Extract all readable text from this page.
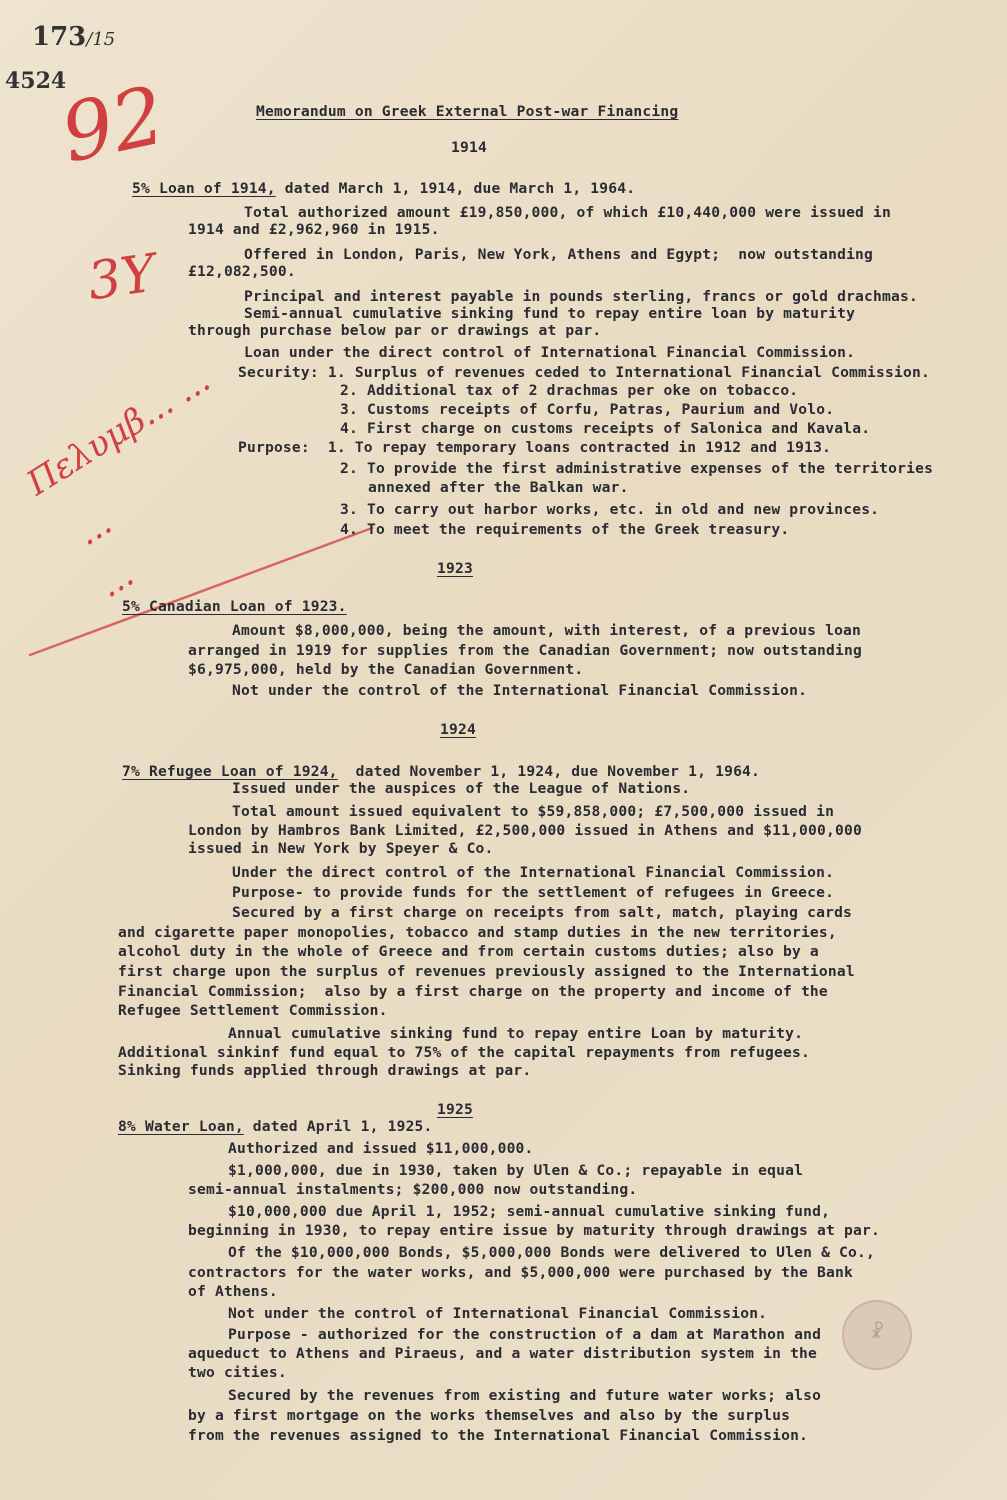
173/15
4524
92
3Y
Πελυμβ... ...
...
...
Memorandum on Greek External Post-war Financing
1914
5% Loan of 1914, dated March 1, 1914, due March 1, 1964.
Total authorized amount £19,850,000, of which £10,440,000 were issued in
1914 and £2,962,960 in 1915.
Offered in London, Paris, New York, Athens and Egypt;  now outstanding
£12,082,500.
Principal and interest payable in pounds sterling, francs or gold drachmas.
Semi-annual cumulative sinking fund to repay entire loan by maturity
through purchase below par or drawings at par.
Loan under the direct control of International Financial Commission.
Security: 1. Surplus of revenues ceded to International Financial Commission.
2. Additional tax of 2 drachmas per oke on tobacco.
3. Customs receipts of Corfu, Patras, Paurium and Volo.
4. First charge on customs receipts of Salonica and Kavala.
Purpose:  1. To repay temporary loans contracted in 1912 and 1913.
2. To provide the first administrative expenses of the territories
annexed after the Balkan war.
3. To carry out harbor works, etc. in old and new provinces.
4. To meet the requirements of the Greek treasury.
1923
5% Canadian Loan of 1923.
Amount $8,000,000, being the amount, with interest, of a previous loan
arranged in 1919 for supplies from the Canadian Government; now outstanding
$6,975,000, held by the Canadian Government.
Not under the control of the International Financial Commission.
1924
7% Refugee Loan of 1924,  dated November 1, 1924, due November 1, 1964.
Issued under the auspices of the League of Nations.
Total amount issued equivalent to $59,858,000; £7,500,000 issued in
London by Hambros Bank Limited, £2,500,000 issued in Athens and $11,000,000
issued in New York by Speyer & Co.
Under the direct control of the International Financial Commission.
Purpose- to provide funds for the settlement of refugees in Greece.
Secured by a first charge on receipts from salt, match, playing cards
and cigarette paper monopolies, tobacco and stamp duties in the new territories,
alcohol duty in the whole of Greece and from certain customs duties; also by a
first charge upon the surplus of revenues previously assigned to the International
Financial Commission;  also by a first charge on the property and income of the
Refugee Settlement Commission.
Annual cumulative sinking fund to repay entire Loan by maturity.
Additional sinkinf fund equal to 75% of the capital repayments from refugees.
Sinking funds applied through drawings at par.
1925
8% Water Loan, dated April 1, 1925.
Authorized and issued $11,000,000.
$1,000,000, due in 1930, taken by Ulen & Co.; repayable in equal
semi-annual instalments; $200,000 now outstanding.
$10,000,000 due April 1, 1952; semi-annual cumulative sinking fund,
beginning in 1930, to repay entire issue by maturity through drawings at par.
Of the $10,000,000 Bonds, $5,000,000 Bonds were delivered to Ulen & Co.,
contractors for the water works, and $5,000,000 were purchased by the Bank
of Athens.
Not under the control of International Financial Commission.
Purpose - authorized for the construction of a dam at Marathon and
aqueduct to Athens and Piraeus, and a water distribution system in the
two cities.
Secured by the revenues from existing and future water works; also
by a first mortgage on the works themselves and also by the surplus
from the revenues assigned to the International Financial Commission.
☧
